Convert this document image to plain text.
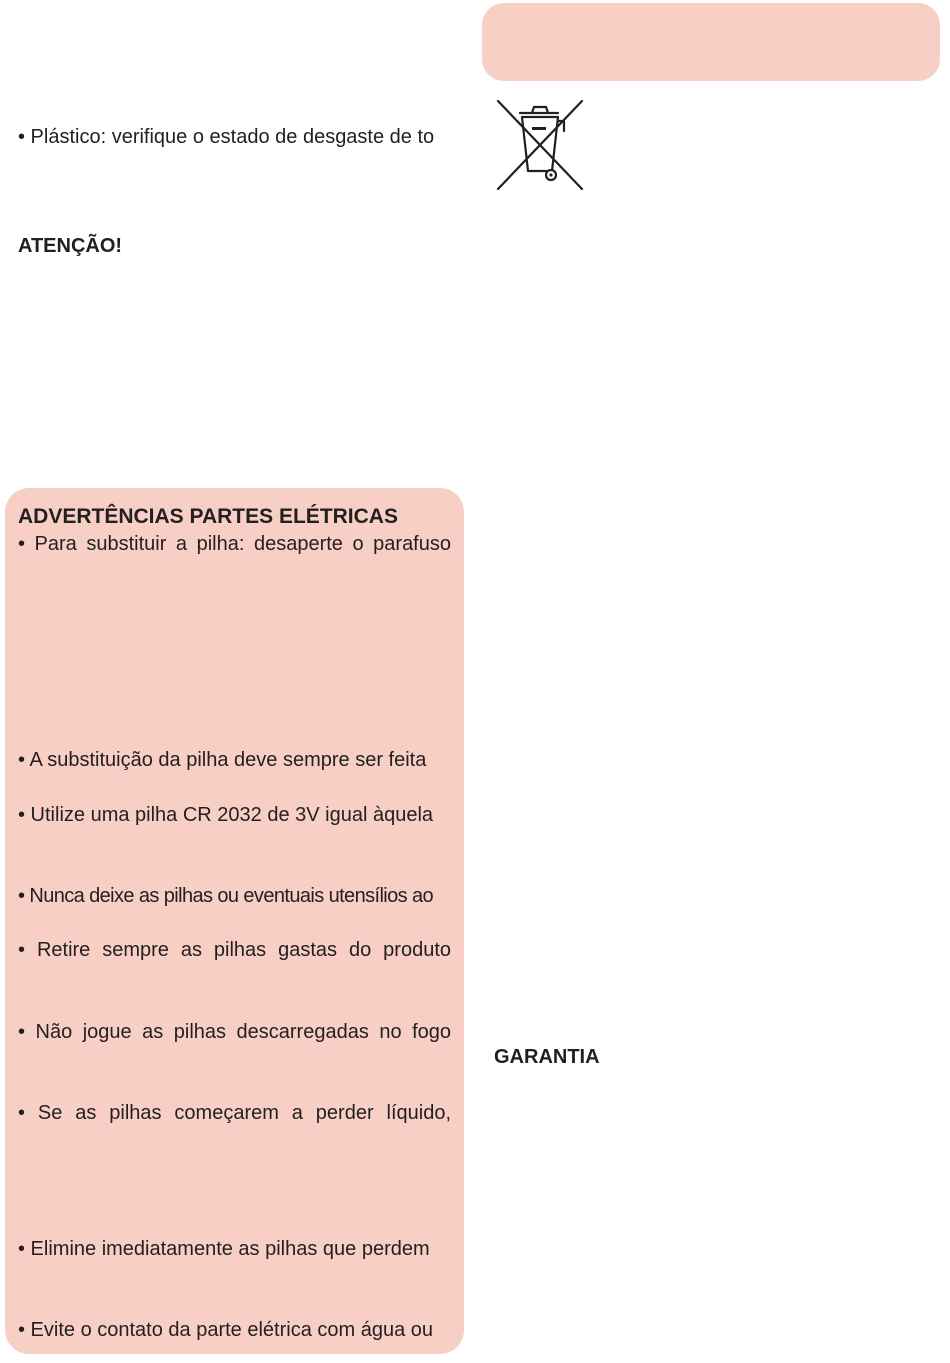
• Plástico: verifique o estado de desgaste de to
ATENÇÃO!
ADVERTÊNCIAS PARTES ELÉTRICAS
• Para substituir a pilha: desaperte o parafuso
• A substituição da pilha deve sempre ser feita
• Utilize uma pilha CR 2032 de 3V igual àquela
• Nunca deixe as pilhas ou eventuais utensílios ao
• Retire sempre as pilhas gastas do produto
• Não jogue as pilhas descarregadas no fogo
• Se as pilhas começarem a perder líquido,
• Elimine imediatamente as pilhas que perdem
• Evite o contato da parte elétrica com água ou
GARANTIA
